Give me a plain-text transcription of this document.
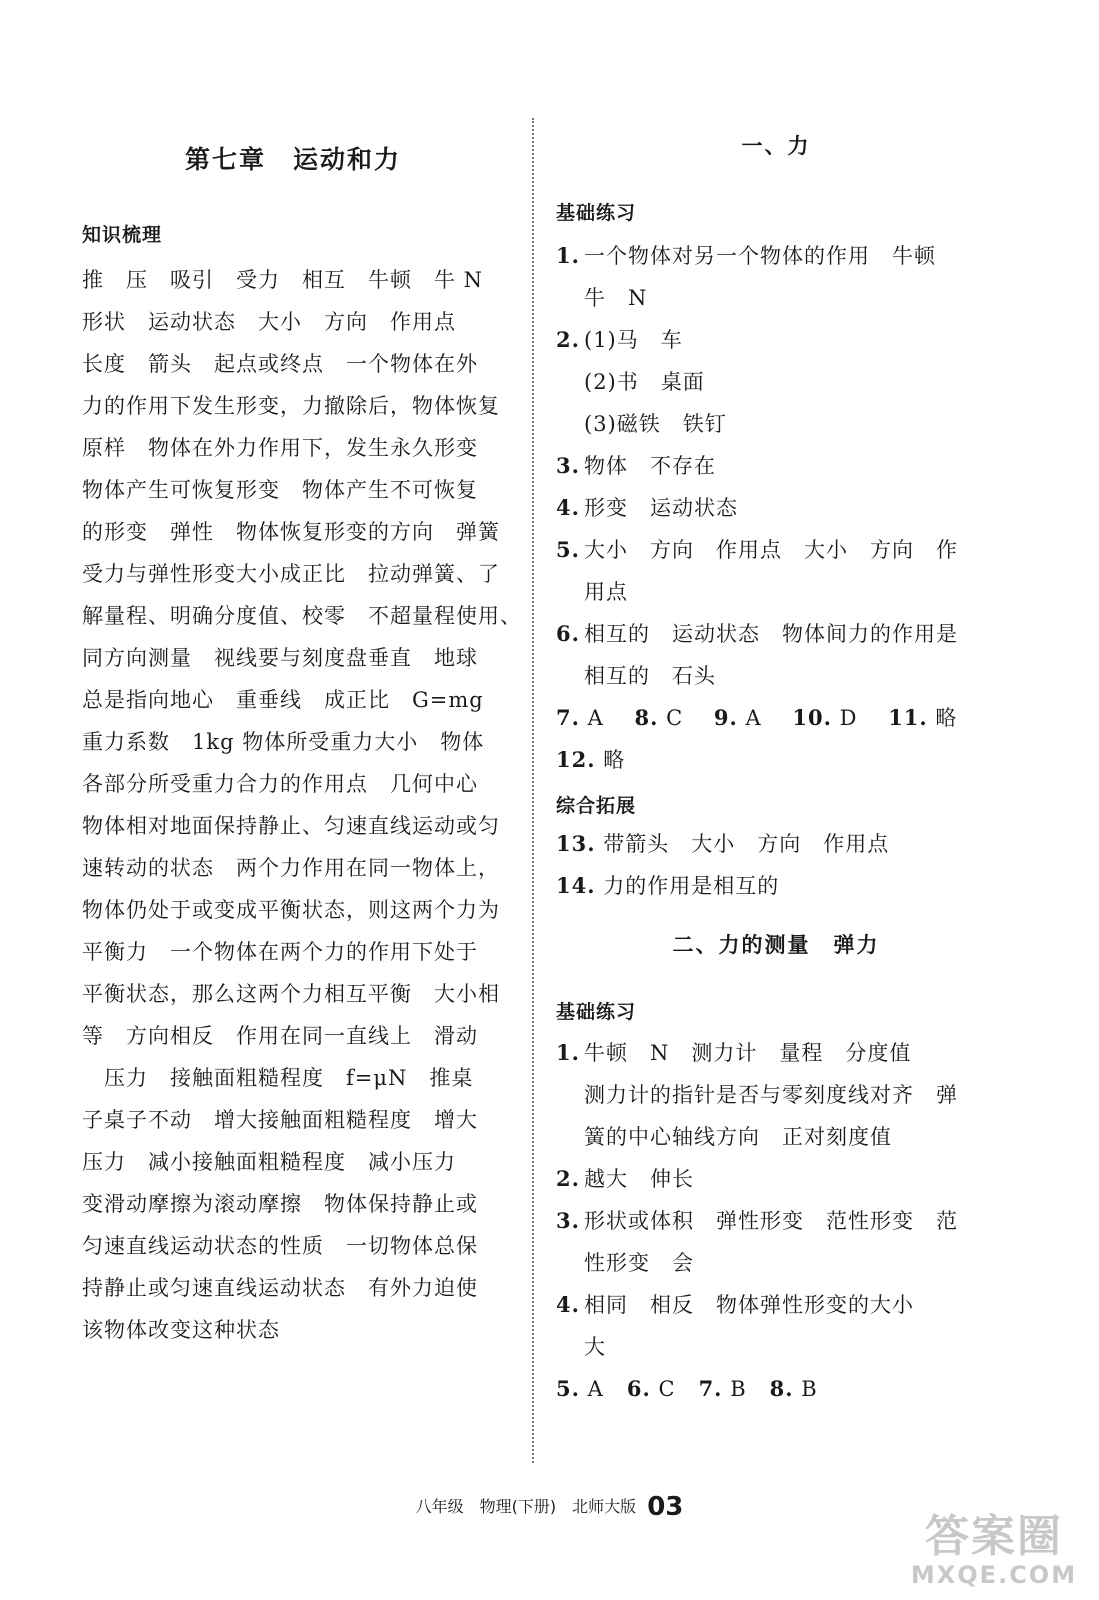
第七章　运动和力
知识梳理
推　压　吸引　受力　相互　牛顿　牛 N
形状　运动状态　大小　方向　作用点
长度　箭头　起点或终点　一个物体在外
力的作用下发生形变，力撤除后，物体恢复
原样　物体在外力作用下，发生永久形变
物体产生可恢复形变　物体产生不可恢复
的形变　弹性　物体恢复形变的方向　弹簧
受力与弹性形变大小成正比　拉动弹簧、了
解量程、明确分度值、校零　不超量程使用、
同方向测量　视线要与刻度盘垂直　地球
总是指向地心　重垂线　成正比　G=mg
重力系数　1kg 物体所受重力大小　物体
各部分所受重力合力的作用点　几何中心
物体相对地面保持静止、匀速直线运动或匀
速转动的状态　两个力作用在同一物体上，
物体仍处于或变成平衡状态，则这两个力为
平衡力　一个物体在两个力的作用下处于
平衡状态，那么这两个力相互平衡　大小相
等　方向相反　作用在同一直线上　滑动
　压力　接触面粗糙程度　f=μN　推桌
子桌子不动　增大接触面粗糙程度　增大
压力　减小接触面粗糙程度　减小压力
变滑动摩擦为滚动摩擦　物体保持静止或
匀速直线运动状态的性质　一切物体总保
持静止或匀速直线运动状态　有外力迫使
该物体改变这种状态
一、力
基础练习
1. 一个物体对另一个物体的作用　牛顿
牛　N
2. (1)马　车
(2)书　桌面
(3)磁铁　铁钉
3. 物体　不存在
4. 形变　运动状态
5. 大小　方向　作用点　大小　方向　作
用点
6. 相互的　运动状态　物体间力的作用是
相互的　石头
7. A 8. C 9. A 10. D 11. 略
12. 略
综合拓展
13. 带箭头　大小　方向　作用点
14. 力的作用是相互的
二、力的测量　弹力
基础练习
1. 牛顿　N　测力计　量程　分度值
测力计的指针是否与零刻度线对齐　弹
簧的中心轴线方向　正对刻度值
2. 越大　伸长
3. 形状或体积　弹性形变　范性形变　范
性形变　会
4. 相同　相反　物体弹性形变的大小
大
5. A 6. C 7. B 8. B
八年级　物理(下册)　北师大版 03
答案圈
MXQE.COM
